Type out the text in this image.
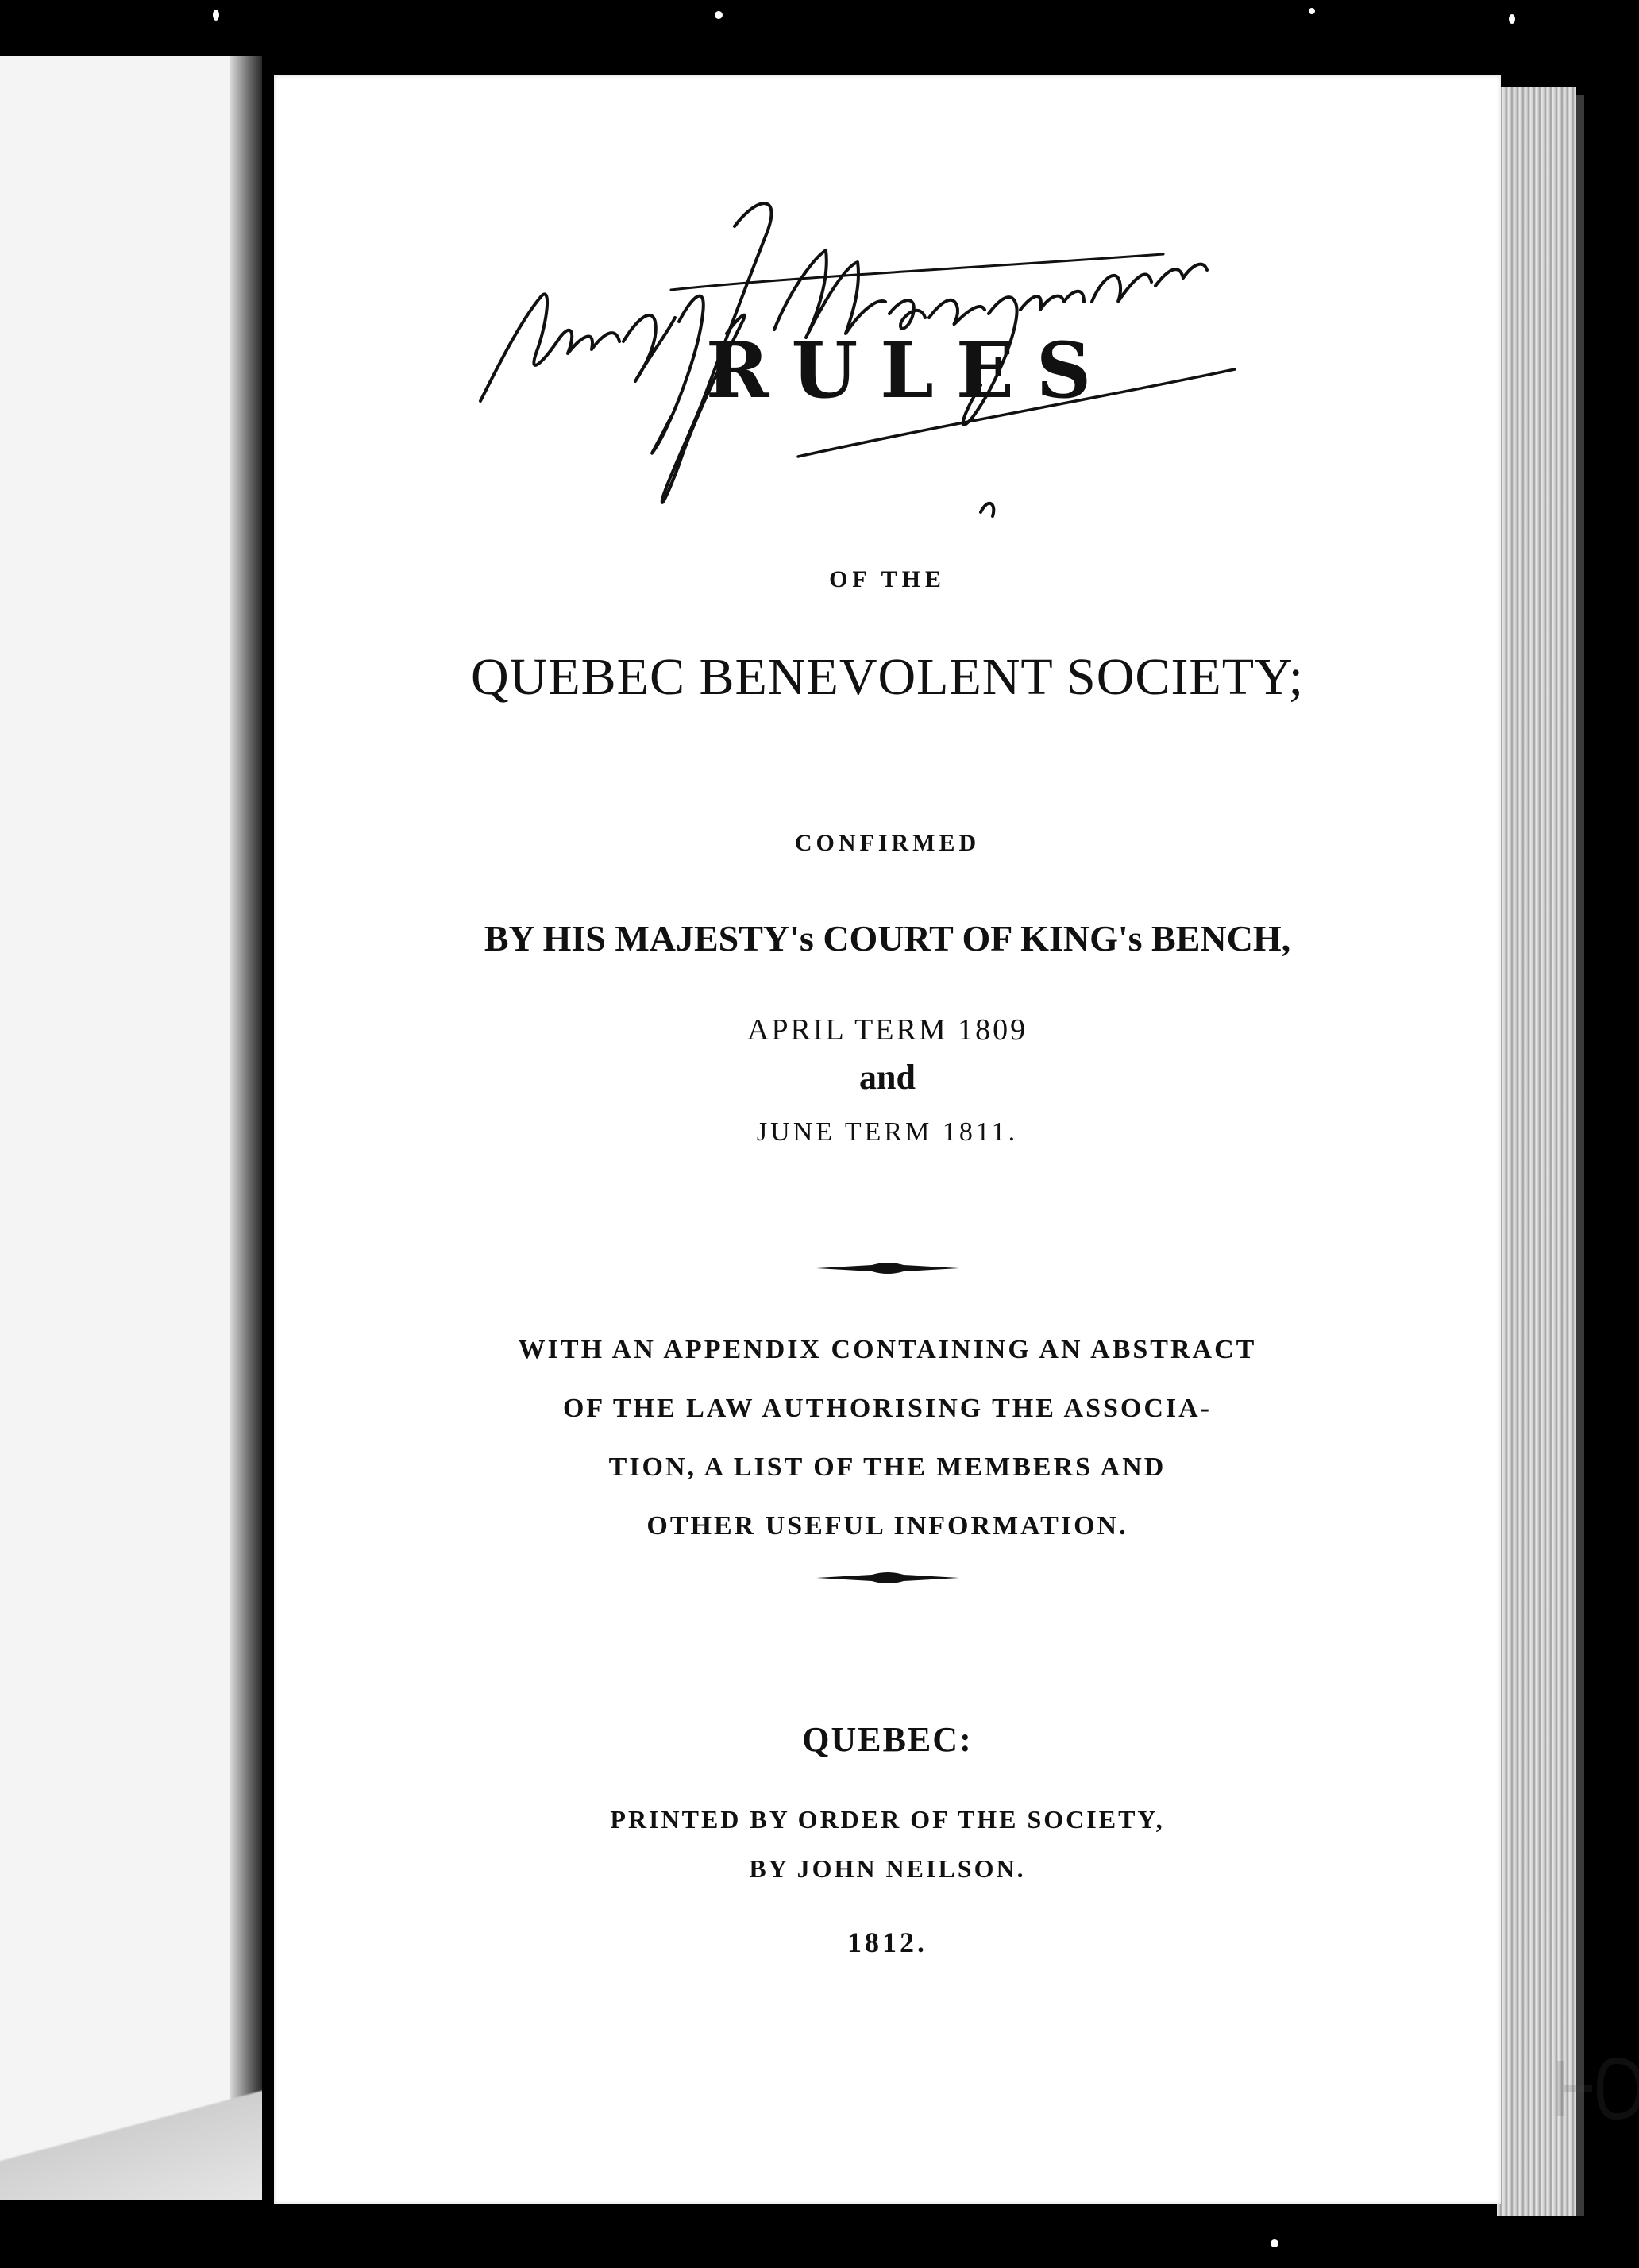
RULES
OF THE
QUEBEC BENEVOLENT SOCIETY;
CONFIRMED
BY HIS MAJESTY's COURT OF KING's BENCH,
APRIL TERM 1809
and
JUNE TERM 1811.
WITH AN APPENDIX CONTAINING AN ABSTRACT
OF THE LAW AUTHORISING THE ASSOCIA-
TION, A LIST OF THE MEMBERS AND
OTHER USEFUL INFORMATION.
QUEBEC:
PRINTED BY ORDER OF THE SOCIETY,
BY JOHN NEILSON.
1812.
